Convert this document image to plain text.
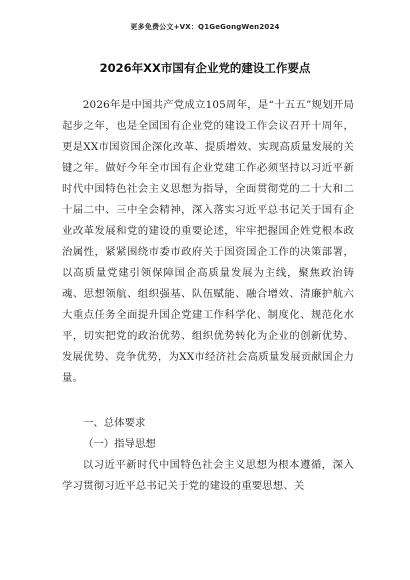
更多免费公文+VX：Q1GeGongWen2024
2026年XX市国有企业党的建设工作要点

2026年是中国共产党成立105周年，是“十五五”规划开局起步之年，也是全国国有企业党的建设工作会议召开十周年，更是XX市国资国企深化改革、提质增效、实现高质量发展的关键之年。做好今年全市国有企业党建工作必须坚持以习近平新时代中国特色社会主义思想为指导，全面贯彻党的二十大和二十届二中、三中全会精神，深入落实习近平总书记关于国有企业改革发展和党的建设的重要论述，牢牢把握国企姓党根本政治属性，紧紧围绕市委市政府关于国资国企工作的决策部署，以高质量党建引领保障国企高质量发展为主线，聚焦政治铸魂、思想领航、组织强基、队伍赋能、融合增效、清廉护航六大重点任务全面提升国企党建工作科学化、制度化、规范化水平，切实把党的政治优势、组织优势转化为企业的创新优势、发展优势、竞争优势，为XX市经济社会高质量发展贡献国企力量。

一、总体要求
（一）指导思想

以习近平新时代中国特色社会主义思想为根本遵循，深入学习贯彻习近平总书记关于党的建设的重要思想、关
